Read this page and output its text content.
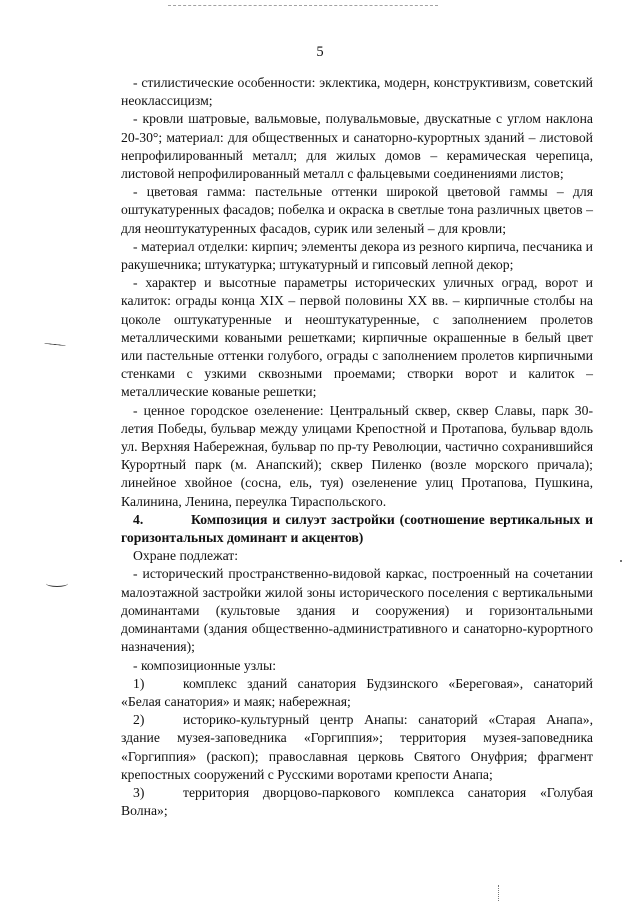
5

- стилистические особенности: эклектика, модерн, конструктивизм, советский неоклассицизм;

- кровли шатровые, вальмовые, полувальмовые, двускатные с углом наклона 20-30°; материал: для общественных и санаторно-курортных зданий – листовой непрофилированный металл; для жилых домов – керамическая черепица, листовой непрофилированный металл с фальцевыми соединениями листов;

- цветовая гамма: пастельные оттенки широкой цветовой гаммы – для оштукатуренных фасадов; побелка и окраска в светлые тона различных цветов – для неоштукатуренных фасадов, сурик или зеленый – для кровли;

- материал отделки: кирпич; элементы декора из резного кирпича, песчаника и ракушечника; штукатурка; штукатурный и гипсовый лепной декор;

- характер и высотные параметры исторических уличных оград, ворот и калиток: ограды конца XIX – первой половины XX вв. – кирпичные столбы на цоколе оштукатуренные и неоштукатуренные, с заполнением пролетов металлическими коваными решетками; кирпичные окрашенные в белый цвет или пастельные оттенки голубого, ограды с заполнением пролетов кирпичными стенками с узкими сквозными проемами; створки ворот и калиток – металлические кованые решетки;

- ценное городское озеленение: Центральный сквер, сквер Славы, парк 30-летия Победы, бульвар между улицами Крепостной и Протапова, бульвар вдоль ул. Верхняя Набережная, бульвар по пр-ту Революции, частично сохранившийся Курортный парк (м. Анапский); сквер Пиленко (возле морского причала); линейное хвойное (сосна, ель, туя) озеленение улиц Протапова, Пушкина, Калинина, Ленина, переулка Тираспольского.

4.	Композиция и силуэт застройки (соотношение вертикальных и горизонтальных доминант и акцентов)

Охране подлежат:

- исторический пространственно-видовой каркас, построенный на сочетании малоэтажной застройки жилой зоны исторического поселения с вертикальными доминантами (культовые здания и сооружения) и горизонтальными доминантами (здания общественно-административного и санаторно-курортного назначения);

- композиционные узлы:

1)	комплекс зданий санатория Будзинского «Береговая», санаторий «Белая санатория» и маяк; набережная;

2)	историко-культурный центр Анапы: санаторий «Старая Анапа», здание музея-заповедника «Горгиппия»; территория музея-заповедника «Горгиппия» (раскоп); православная церковь Святого Онуфрия; фрагмент крепостных сооружений с Русскими воротами крепости Анапа;

3)	территория дворцово-паркового комплекса санатория «Голубая Волна»;
